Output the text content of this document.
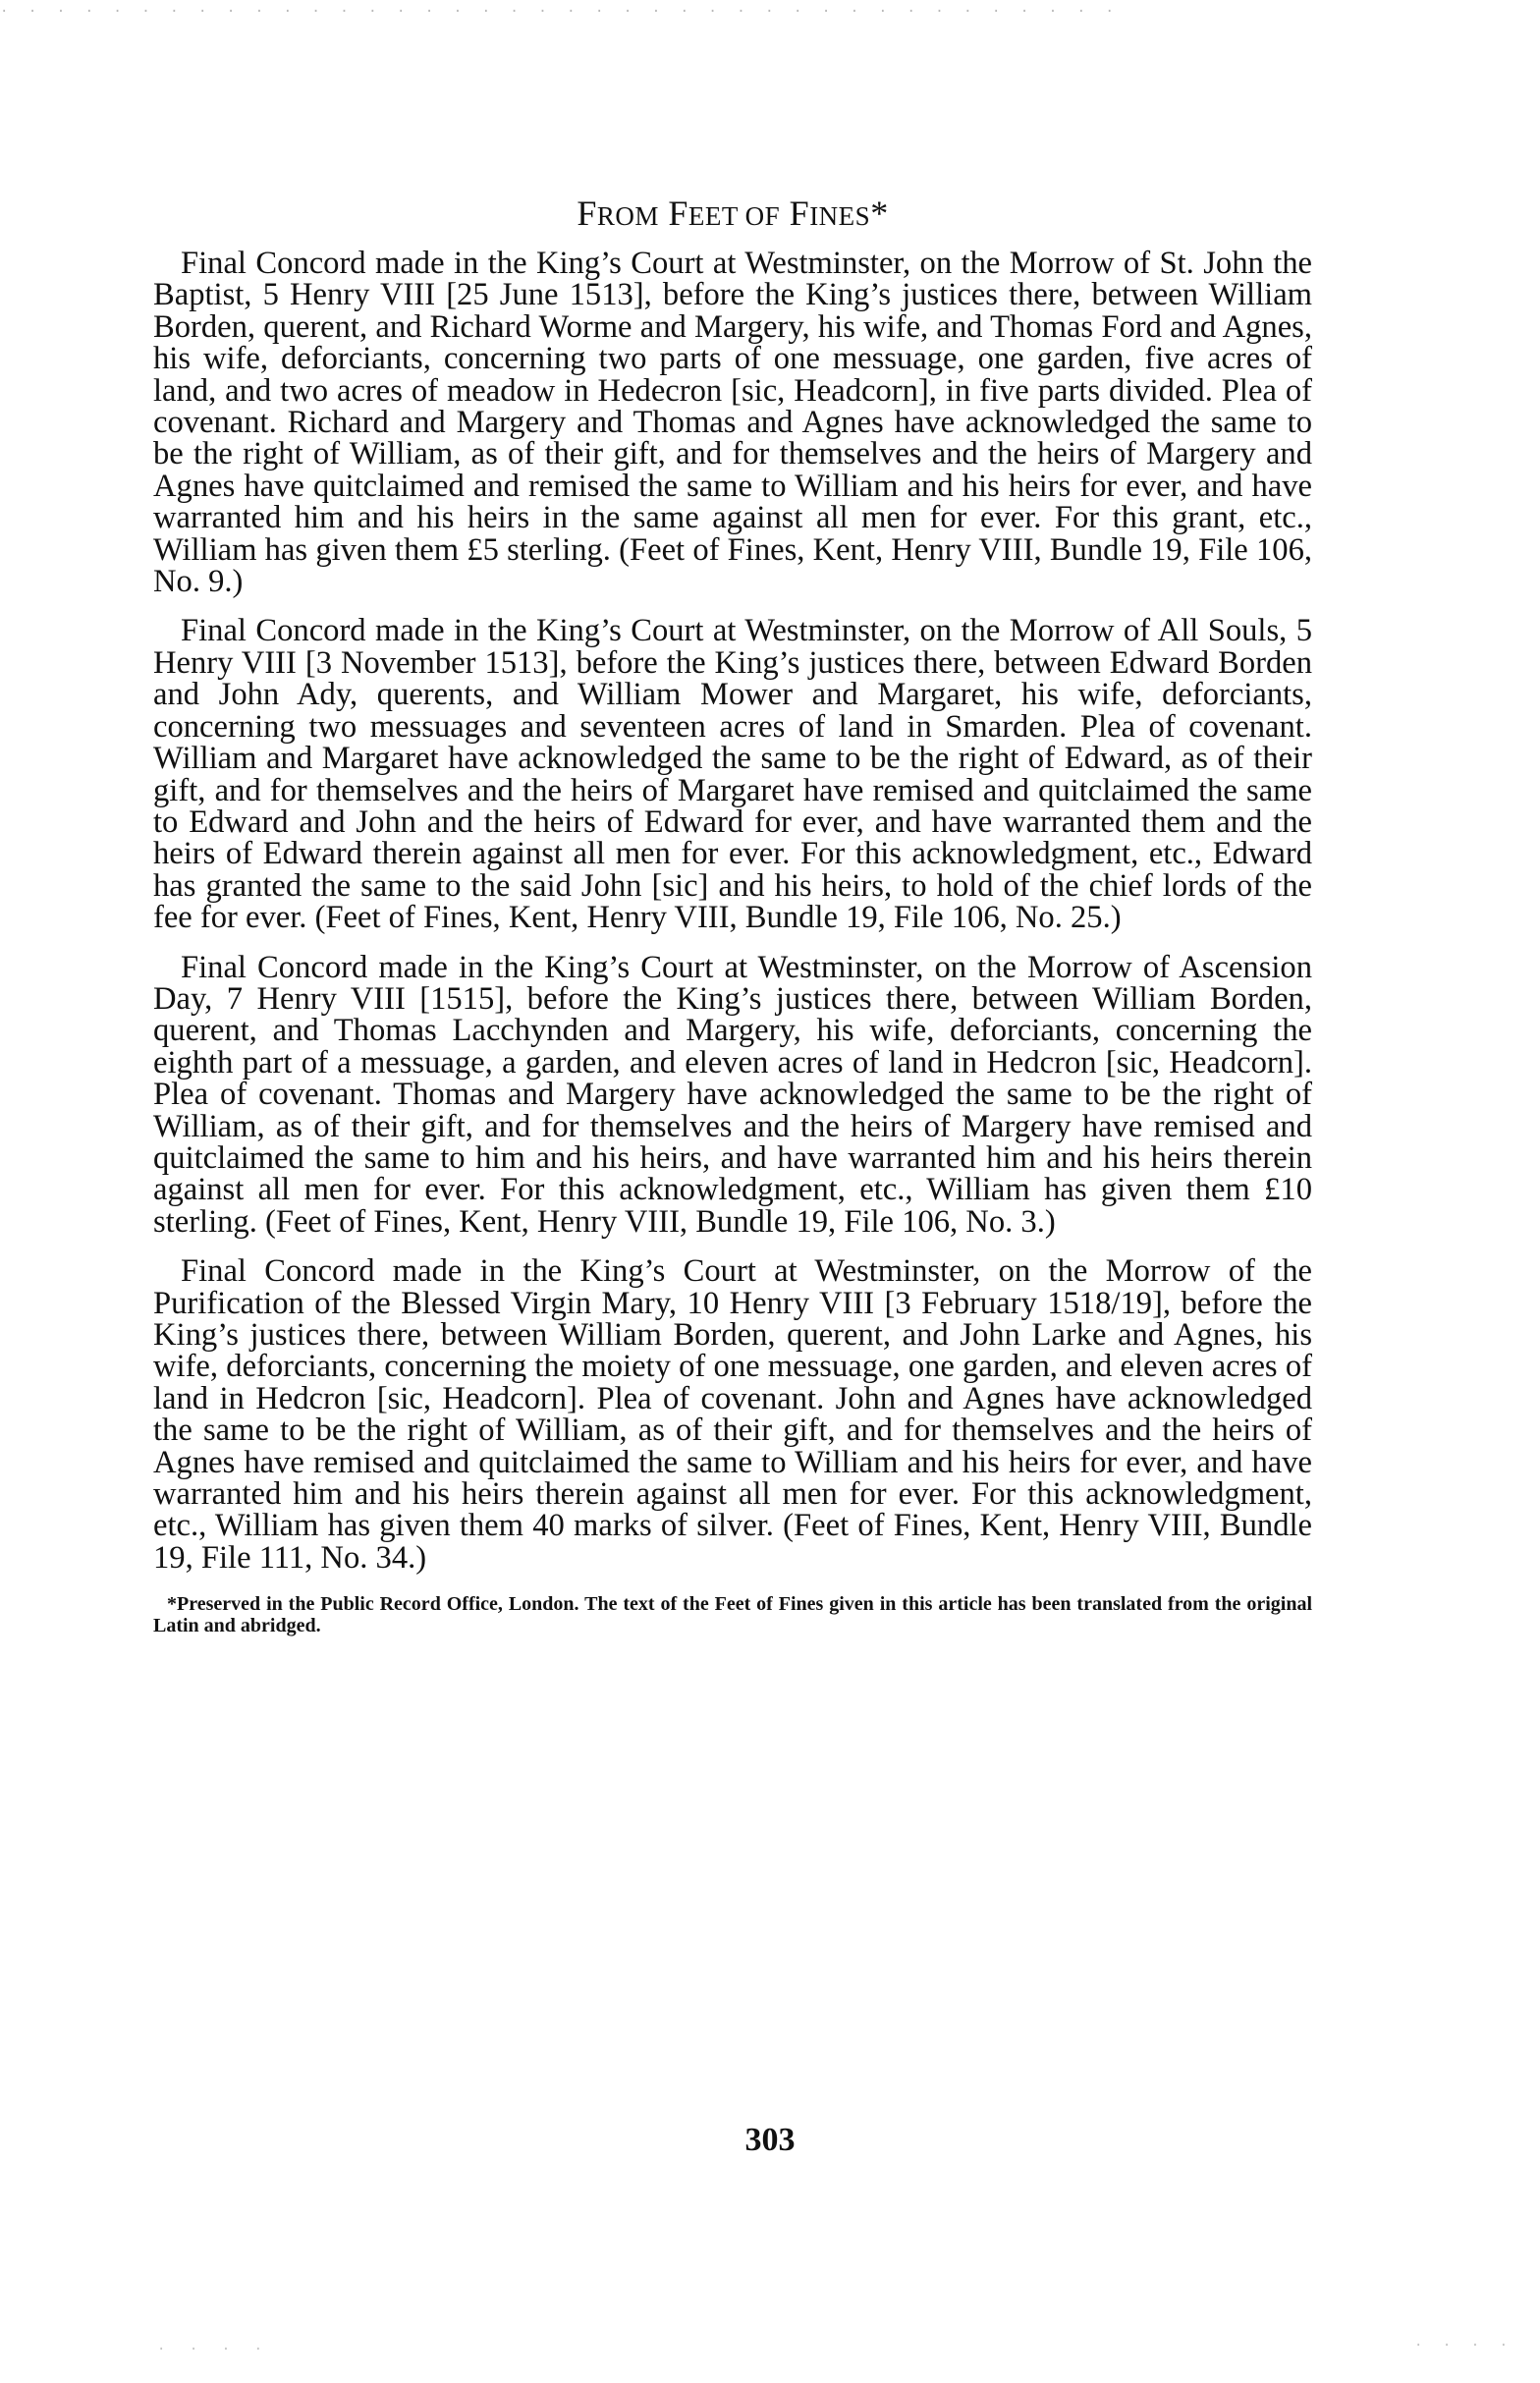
. . . . . . . . . . . . . . . . . . . . . . . . . . . . . . . . . . . . . . . .
FROM FEET OF FINES*

Final Concord made in the King’s Court at Westminster, on the Morrow of St. John the Baptist, 5 Henry VIII [25 June 1513], before the King’s justices there, between William Borden, querent, and Richard Worme and Margery, his wife, and Thomas Ford and Agnes, his wife, deforciants, concerning two parts of one messuage, one garden, five acres of land, and two acres of meadow in Hedecron [sic, Headcorn], in five parts divided. Plea of covenant. Richard and Margery and Thomas and Agnes have acknowledged the same to be the right of William, as of their gift, and for themselves and the heirs of Margery and Agnes have quitclaimed and remised the same to William and his heirs for ever, and have warranted him and his heirs in the same against all men for ever. For this grant, etc., William has given them £5 sterling. (Feet of Fines, Kent, Henry VIII, Bundle 19, File 106, No. 9.)

Final Concord made in the King’s Court at Westminster, on the Morrow of All Souls, 5 Henry VIII [3 November 1513], before the King’s justices there, between Edward Borden and John Ady, querents, and William Mower and Margaret, his wife, deforciants, concerning two messuages and seventeen acres of land in Smarden. Plea of covenant. William and Margaret have acknowledged the same to be the right of Edward, as of their gift, and for themselves and the heirs of Margaret have remised and quitclaimed the same to Edward and John and the heirs of Edward for ever, and have warranted them and the heirs of Edward therein against all men for ever. For this acknowledgment, etc., Edward has granted the same to the said John [sic] and his heirs, to hold of the chief lords of the fee for ever. (Feet of Fines, Kent, Henry VIII, Bundle 19, File 106, No. 25.)

Final Concord made in the King’s Court at Westminster, on the Morrow of Ascension Day, 7 Henry VIII [1515], before the King’s justices there, between William Borden, querent, and Thomas Lacchynden and Margery, his wife, deforciants, concerning the eighth part of a messuage, a garden, and eleven acres of land in Hedcron [sic, Headcorn]. Plea of covenant. Thomas and Margery have acknowledged the same to be the right of William, as of their gift, and for themselves and the heirs of Margery have remised and quitclaimed the same to him and his heirs, and have warranted him and his heirs therein against all men for ever. For this acknowledgment, etc., William has given them £10 sterling. (Feet of Fines, Kent, Henry VIII, Bundle 19, File 106, No. 3.)

Final Concord made in the King’s Court at Westminster, on the Morrow of the Purification of the Blessed Virgin Mary, 10 Henry VIII [3 February 1518/19], before the King’s justices there, between William Borden, querent, and John Larke and Agnes, his wife, deforciants, concerning the moiety of one messuage, one garden, and eleven acres of land in Hedcron [sic, Headcorn]. Plea of covenant. John and Agnes have acknowledged the same to be the right of William, as of their gift, and for themselves and the heirs of Agnes have remised and quitclaimed the same to William and his heirs for ever, and have warranted him and his heirs therein against all men for ever. For this acknowledgment, etc., William has given them 40 marks of silver. (Feet of Fines, Kent, Henry VIII, Bundle 19, File 111, No. 34.)

*Preserved in the Public Record Office, London. The text of the Feet of Fines given in this article has been translated from the original Latin and abridged.

303
. . . .	. . . .
